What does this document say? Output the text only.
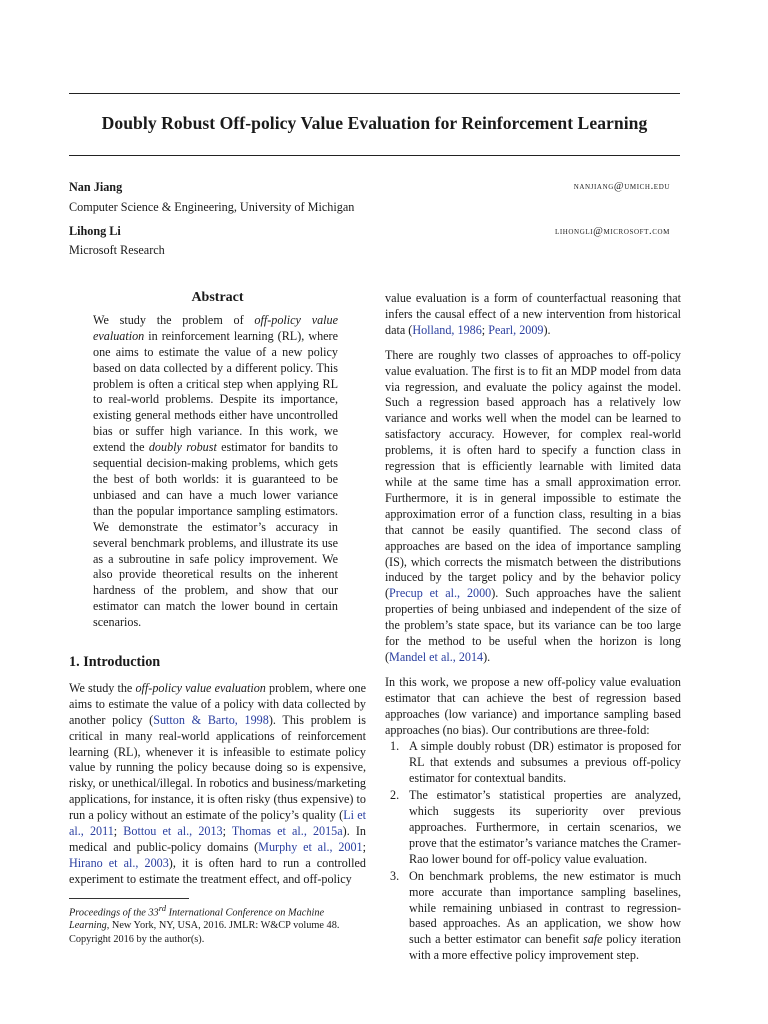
Doubly Robust Off-policy Value Evaluation for Reinforcement Learning
Nan Jiang	nanjiang@umich.edu
Computer Science & Engineering, University of Michigan
Lihong Li	lihongli@microsoft.com
Microsoft Research
Abstract

We study the problem of off-policy value evaluation in reinforcement learning (RL), where one aims to estimate the value of a new policy based on data collected by a different policy. This problem is often a critical step when applying RL to real-world problems. Despite its importance, existing general methods either have uncontrolled bias or suffer high variance. In this work, we extend the doubly robust estimator for bandits to sequential decision-making problems, which gets the best of both worlds: it is guaranteed to be unbiased and can have a much lower variance than the popular importance sampling estimators. We demonstrate the estimator’s accuracy in several benchmark problems, and illustrate its use as a subroutine in safe policy improvement. We also provide theoretical results on the inherent hardness of the problem, and show that our estimator can match the lower bound in certain scenarios.

1. Introduction

We study the off-policy value evaluation problem, where one aims to estimate the value of a policy with data collected by another policy (Sutton & Barto, 1998). This problem is critical in many real-world applications of reinforcement learning (RL), whenever it is infeasible to estimate policy value by running the policy because doing so is expensive, risky, or unethical/illegal. In robotics and business/marketing applications, for instance, it is often risky (thus expensive) to run a policy without an estimate of the policy’s quality (Li et al., 2011; Bottou et al., 2013; Thomas et al., 2015a). In medical and public-policy domains (Murphy et al., 2001; Hirano et al., 2003), it is often hard to run a controlled experiment to estimate the treatment effect, and off-policy

Proceedings of the 33rd International Conference on Machine Learning, New York, NY, USA, 2016. JMLR: W&CP volume 48. Copyright 2016 by the author(s).

value evaluation is a form of counterfactual reasoning that infers the causal effect of a new intervention from historical data (Holland, 1986; Pearl, 2009).

There are roughly two classes of approaches to off-policy value evaluation. The first is to fit an MDP model from data via regression, and evaluate the policy against the model. Such a regression based approach has a relatively low variance and works well when the model can be learned to satisfactory accuracy. However, for complex real-world problems, it is often hard to specify a function class in regression that is efficiently learnable with limited data while at the same time has a small approximation error. Furthermore, it is in general impossible to estimate the approximation error of a function class, resulting in a bias that cannot be easily quantified. The second class of approaches are based on the idea of importance sampling (IS), which corrects the mismatch between the distributions induced by the target policy and by the behavior policy (Precup et al., 2000). Such approaches have the salient properties of being unbiased and independent of the size of the problem’s state space, but its variance can be too large for the method to be useful when the horizon is long (Mandel et al., 2014).

In this work, we propose a new off-policy value evaluation estimator that can achieve the best of regression based approaches (low variance) and importance sampling based approaches (no bias). Our contributions are three-fold:

1. A simple doubly robust (DR) estimator is proposed for RL that extends and subsumes a previous off-policy estimator for contextual bandits.
2. The estimator’s statistical properties are analyzed, which suggests its superiority over previous approaches. Furthermore, in certain scenarios, we prove that the estimator’s variance matches the Cramer-Rao lower bound for off-policy value evaluation.
3. On benchmark problems, the new estimator is much more accurate than importance sampling baselines, while remaining unbiased in contrast to regression-based approaches. As an application, we show how such a better estimator can benefit safe policy iteration with a more effective policy improvement step.
